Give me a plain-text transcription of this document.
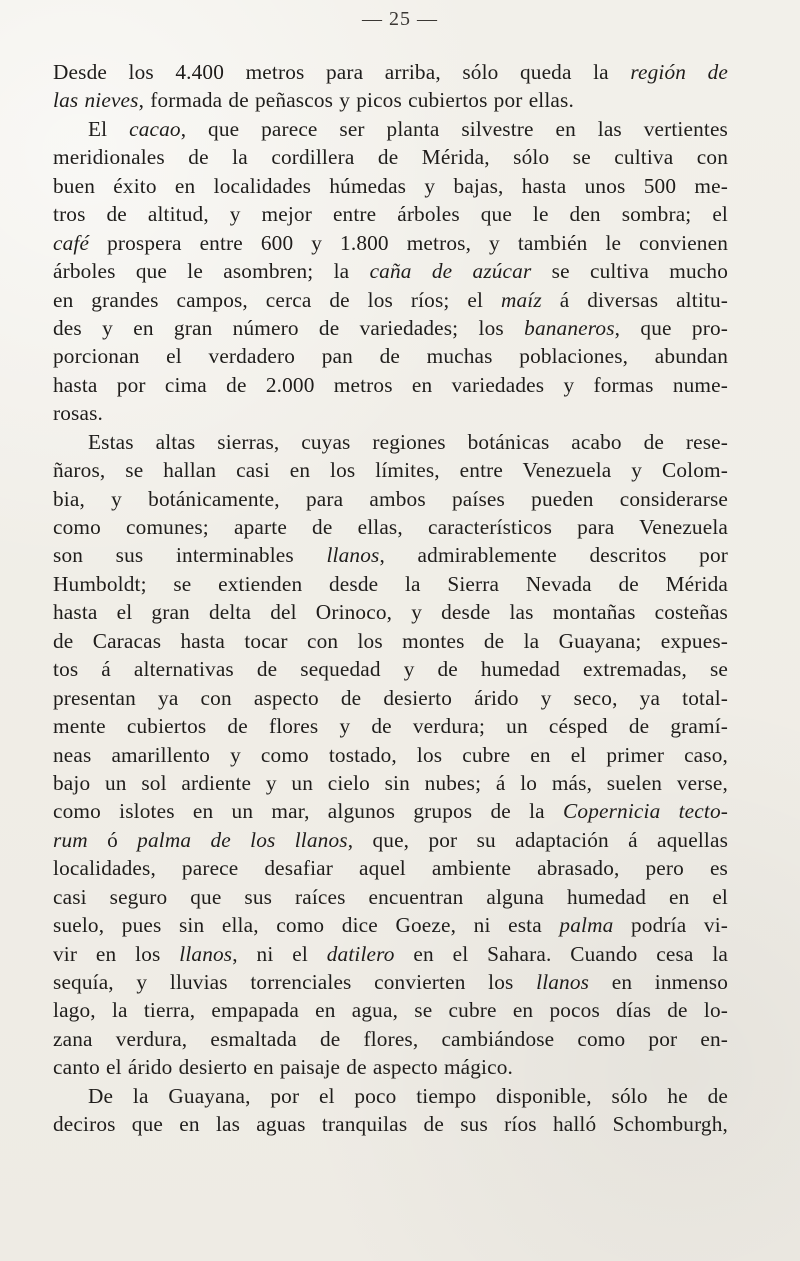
— 25 —
Desde los 4.400 metros para arriba, sólo queda la región de
las nieves, formada de peñascos y picos cubiertos por ellas.
El cacao, que parece ser planta silvestre en las vertientes
meridionales de la cordillera de Mérida, sólo se cultiva con
buen éxito en localidades húmedas y bajas, hasta unos 500 me-
tros de altitud, y mejor entre árboles que le den sombra; el
café prospera entre 600 y 1.800 metros, y también le convienen
árboles que le asombren; la caña de azúcar se cultiva mucho
en grandes campos, cerca de los ríos; el maíz á diversas altitu-
des y en gran número de variedades; los bananeros, que pro-
porcionan el verdadero pan de muchas poblaciones, abundan
hasta por cima de 2.000 metros en variedades y formas nume-
rosas.
Estas altas sierras, cuyas regiones botánicas acabo de rese-
ñaros, se hallan casi en los límites, entre Venezuela y Colom-
bia, y botánicamente, para ambos países pueden considerarse
como comunes; aparte de ellas, característicos para Venezuela
son sus interminables llanos, admirablemente descritos por
Humboldt; se extienden desde la Sierra Nevada de Mérida
hasta el gran delta del Orinoco, y desde las montañas costeñas
de Caracas hasta tocar con los montes de la Guayana; expues-
tos á alternativas de sequedad y de humedad extremadas, se
presentan ya con aspecto de desierto árido y seco, ya total-
mente cubiertos de flores y de verdura; un césped de gramí-
neas amarillento y como tostado, los cubre en el primer caso,
bajo un sol ardiente y un cielo sin nubes; á lo más, suelen verse,
como islotes en un mar, algunos grupos de la Copernicia tecto-
rum ó palma de los llanos, que, por su adaptación á aquellas
localidades, parece desafiar aquel ambiente abrasado, pero es
casi seguro que sus raíces encuentran alguna humedad en el
suelo, pues sin ella, como dice Goeze, ni esta palma podría vi-
vir en los llanos, ni el datilero en el Sahara. Cuando cesa la
sequía, y lluvias torrenciales convierten los llanos en inmenso
lago, la tierra, empapada en agua, se cubre en pocos días de lo-
zana verdura, esmaltada de flores, cambiándose como por en-
canto el árido desierto en paisaje de aspecto mágico.
De la Guayana, por el poco tiempo disponible, sólo he de
deciros que en las aguas tranquilas de sus ríos halló Schomburgh,
